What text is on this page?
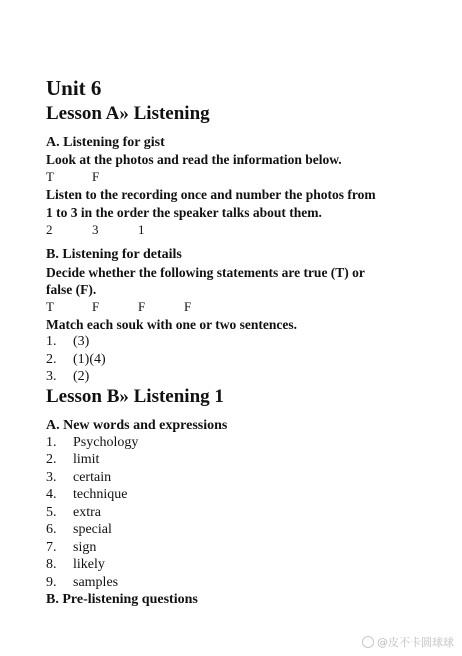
Unit 6
Lesson A» Listening
A. Listening for gist
Look at the photos and read the information below.
T	F
Listen to the recording once and number the photos from
1 to 3 in the order the speaker talks about them.
2	3	1
B. Listening for details
Decide whether the following statements are true (T) or
false (F).
T	F	F	F
Match each souk with one or two sentences.
1. (3)
2. (1)(4)
3. (2)
Lesson B» Listening 1
A. New words and expressions
1. Psychology
2. limit
3. certain
4. technique
5. extra
6. special
7. sign
8. likely
9. samples
B. Pre-listening questions
@皮不卡圆球球
